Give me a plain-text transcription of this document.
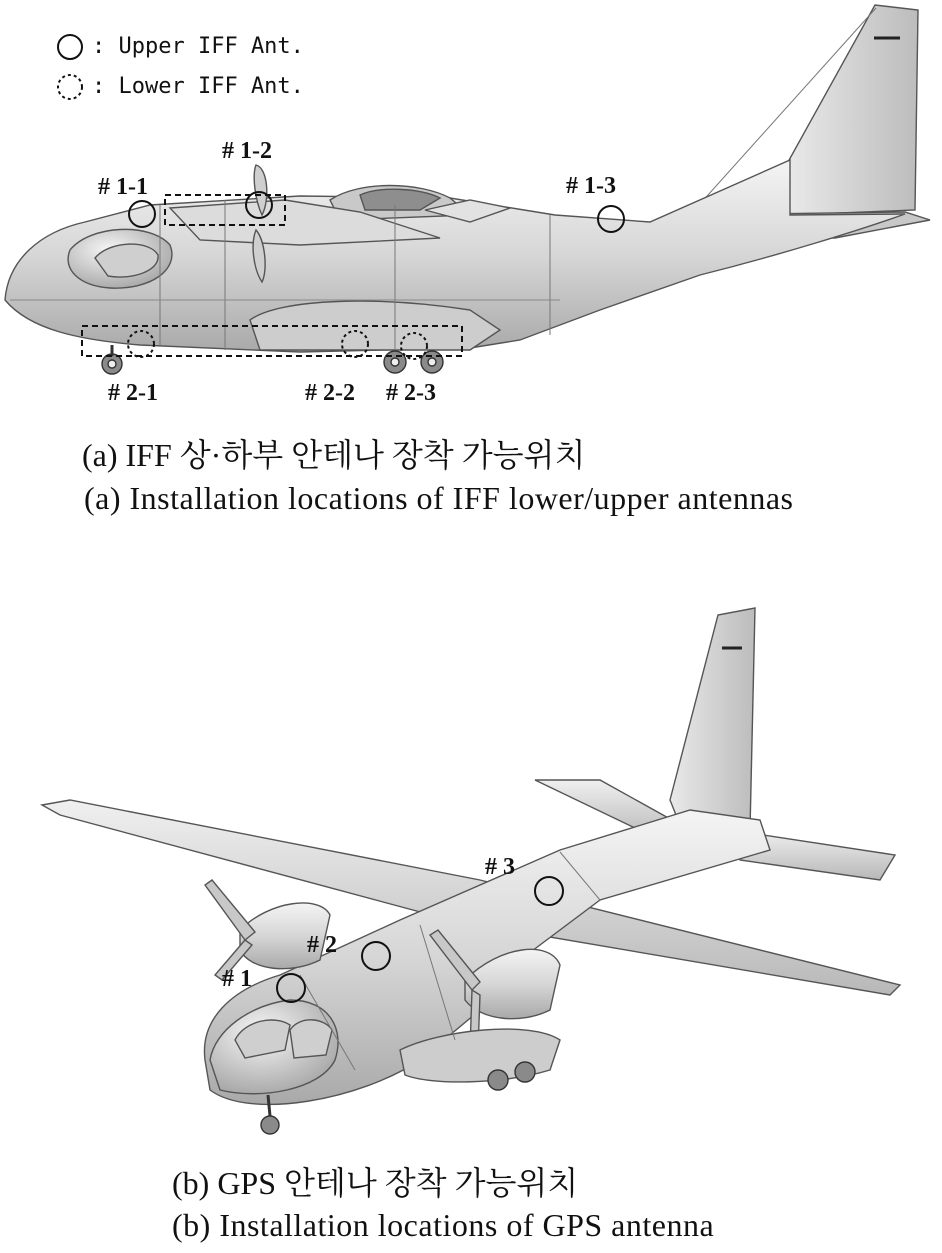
: Upper IFF Ant.
: Lower IFF Ant.
# 1-1
# 1-2
# 1-3
# 2-1	# 2-2 # 2-3
# 3
# 2
# 1
(a) IFF 상·하부 안테나 장착 가능위치
(a) Installation locations of IFF lower/upper antennas
(b) GPS 안테나 장착 가능위치
(b) Installation locations of GPS antenna
